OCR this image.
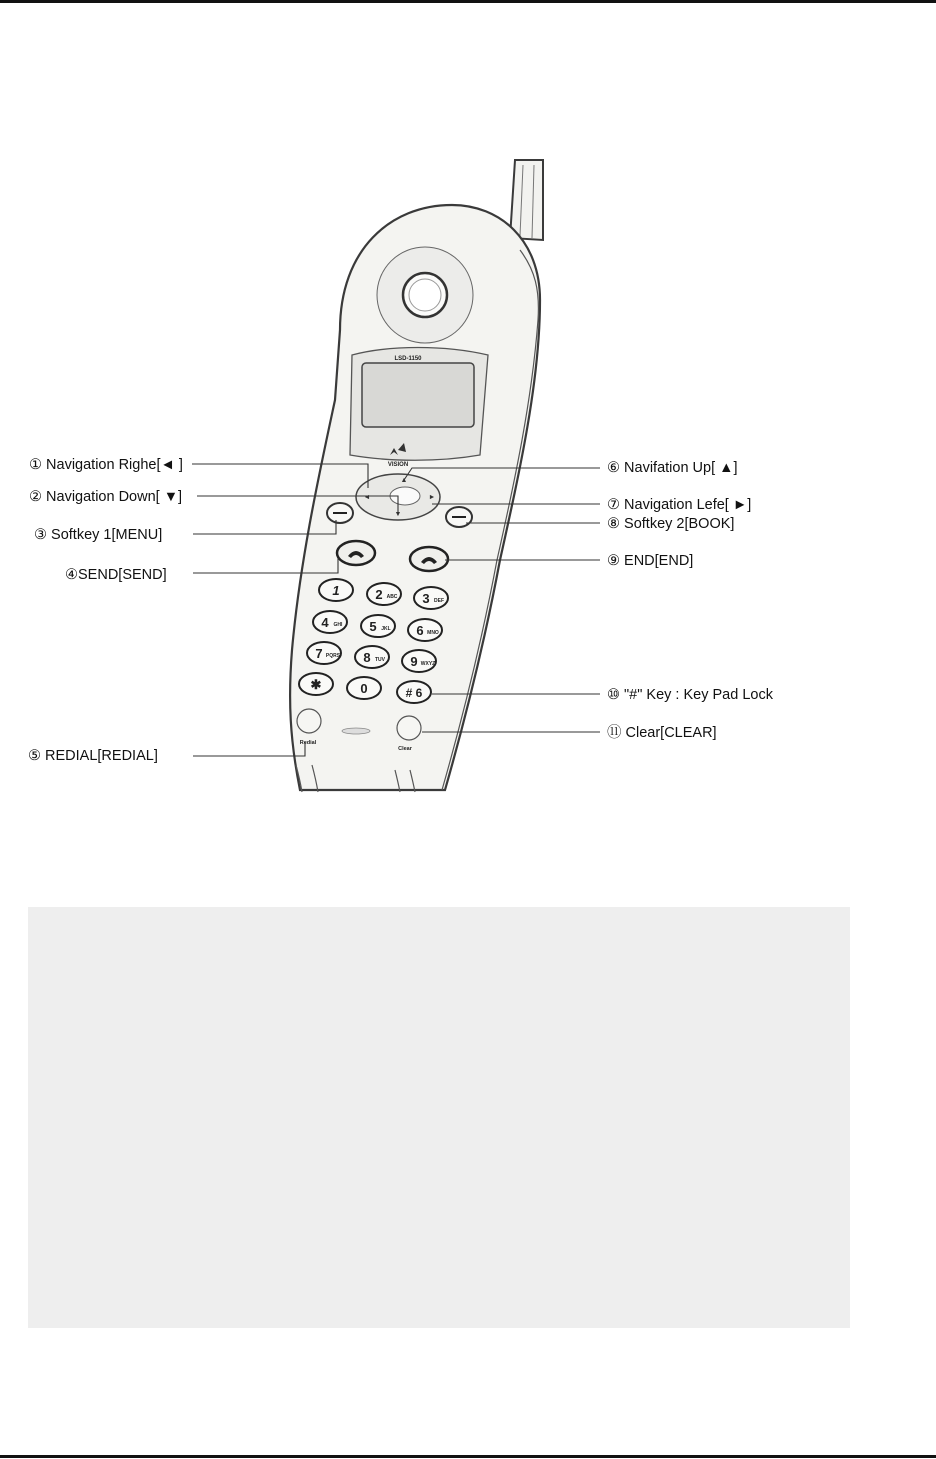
LSD-1150
VISION
▲
▼
◄	►
1	2 ABC 3 DEF
4 GHI 5 JKL 6 MNO
7 PQRS 8 TUV 9 WXYZ
✱	0	# 6
Redial
Clear
① Navigation Righe[◄ ]
② Navigation Down[ ▼]
③ Softkey 1[MENU]
④SEND[SEND]
⑤ REDIAL[REDIAL]
⑥ Navifation Up[ ▲]
⑦ Navigation Lefe[ ►]
⑧ Softkey 2[BOOK]
⑨ END[END]
⑩ "#" Key : Key Pad Lock
⑪ Clear[CLEAR]
